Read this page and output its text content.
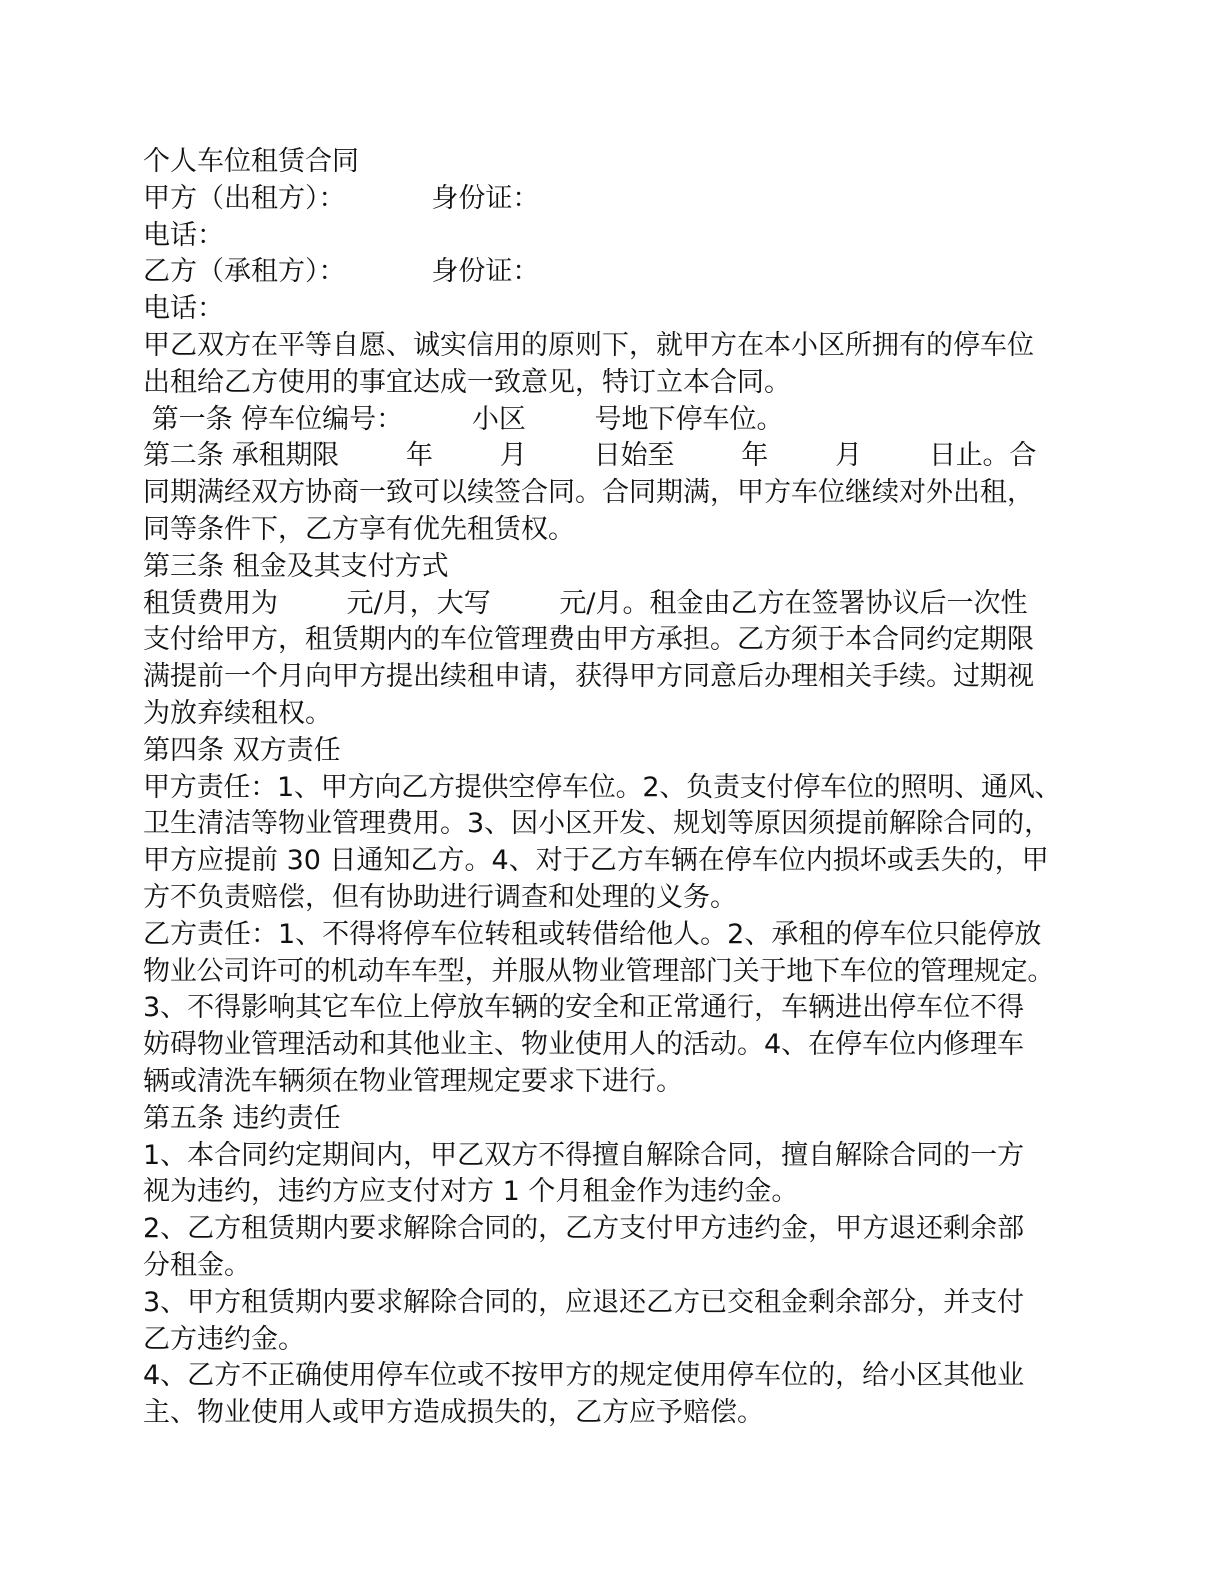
个人车位租赁合同
甲方（出租方）：          身份证：
电话：
乙方（承租方）：          身份证：
电话：
甲乙双方在平等自愿、诚实信用的原则下，就甲方在本小区所拥有的停车位
出租给乙方使用的事宜达成一致意见，特订立本合同。
第一条 停车位编号：        小区        号地下停车位。
第二条 承租期限        年        月        日始至        年        月        日止。合
同期满经双方协商一致可以续签合同。合同期满，甲方车位继续对外出租，
同等条件下，乙方享有优先租赁权。
第三条 租金及其支付方式
租赁费用为        元/月，大写        元/月。租金由乙方在签署协议后一次性
支付给甲方，租赁期内的车位管理费由甲方承担。乙方须于本合同约定期限
满提前一个月向甲方提出续租申请，获得甲方同意后办理相关手续。过期视
为放弃续租权。
第四条 双方责任
甲方责任：1、甲方向乙方提供空停车位。2、负责支付停车位的照明、通风、
卫生清洁等物业管理费用。3、因小区开发、规划等原因须提前解除合同的，
甲方应提前 30 日通知乙方。4、对于乙方车辆在停车位内损坏或丢失的，甲
方不负责赔偿，但有协助进行调查和处理的义务。
乙方责任：1、不得将停车位转租或转借给他人。2、承租的停车位只能停放
物业公司许可的机动车车型，并服从物业管理部门关于地下车位的管理规定。
3、不得影响其它车位上停放车辆的安全和正常通行，车辆进出停车位不得
妨碍物业管理活动和其他业主、物业使用人的活动。4、在停车位内修理车
辆或清洗车辆须在物业管理规定要求下进行。
第五条 违约责任
1、本合同约定期间内，甲乙双方不得擅自解除合同，擅自解除合同的一方
视为违约，违约方应支付对方 1 个月租金作为违约金。
2、乙方租赁期内要求解除合同的，乙方支付甲方违约金，甲方退还剩余部
分租金。
3、甲方租赁期内要求解除合同的，应退还乙方已交租金剩余部分，并支付
乙方违约金。
4、乙方不正确使用停车位或不按甲方的规定使用停车位的，给小区其他业
主、物业使用人或甲方造成损失的，乙方应予赔偿。
